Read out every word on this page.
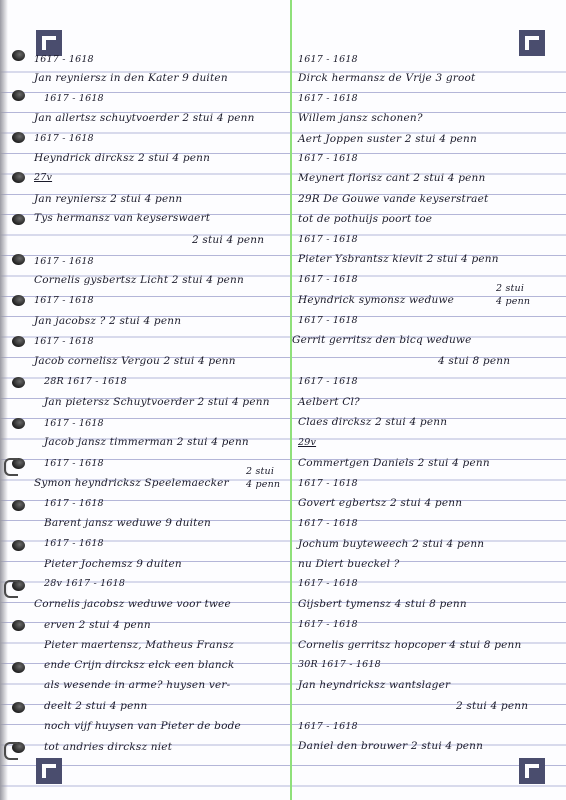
1617 - 1618

Jan reyniersz in den Kater 9 duiten

1617 - 1618

Jan allertsz schuytvoerder 2 stui 4 penn

1617 - 1618

Heyndrick dircksz 2 stui 4 penn

27v

Jan reyniersz 2 stui 4 penn

Tys hermansz van keyserswaert

2 stui 4 penn

1617 - 1618

Cornelis gysbertsz Licht 2 stui 4 penn

1617 - 1618

Jan jacobsz ? 2 stui 4 penn

1617 - 1618

Jacob cornelisz Vergou 2 stui 4 penn

28R 1617 - 1618

Jan pietersz Schuytvoerder 2 stui 4 penn

1617 - 1618

Jacob jansz timmerman 2 stui 4 penn

1617 - 1618

2 stui

Symon heyndricksz Speelemaecker 4 penn

1617 - 1618

Barent jansz weduwe 9 duiten

1617 - 1618

Pieter Jochemsz 9 duiten

28v 1617 - 1618

Cornelis jacobsz weduwe voor twee

erven 2 stui 4 penn

Pieter maertensz, Matheus Fransz

ende Crijn dircksz elck een blanck

als wesende in arme? huysen ver-

deelt 2 stui 4 penn

noch vijf huysen van Pieter de bode

tot andries dircksz niet

1617 - 1618

Dirck hermansz de Vrije 3 groot

1617 - 1618

Willem jansz schonen?

Aert Joppen suster 2 stui 4 penn

1617 - 1618

Meynert florisz cant 2 stui 4 penn

29R De Gouwe vande keyserstraet

tot de pothuijs poort toe

1617 - 1618

Pieter Ysbrantsz kievit 2 stui 4 penn

1617 - 1618

2 stui

Heyndrick symonsz weduwe	4 penn

1617 - 1618

Gerrit gerritsz den bicq weduwe

4 stui 8 penn

1617 - 1618

Aelbert Cl?

Claes dircksz 2 stui 4 penn

29v

Commertgen Daniels 2 stui 4 penn

1617 - 1618

Govert egbertsz 2 stui 4 penn

1617 - 1618

Jochum buyteweech 2 stui 4 penn

nu Diert bueckel ?

1617 - 1618

Gijsbert tymensz 4 stui 8 penn

1617 - 1618

Cornelis gerritsz hopcoper 4 stui 8 penn

30R 1617 - 1618

Jan heyndricksz wantslager

2 stui 4 penn

1617 - 1618

Daniel den brouwer 2 stui 4 penn
